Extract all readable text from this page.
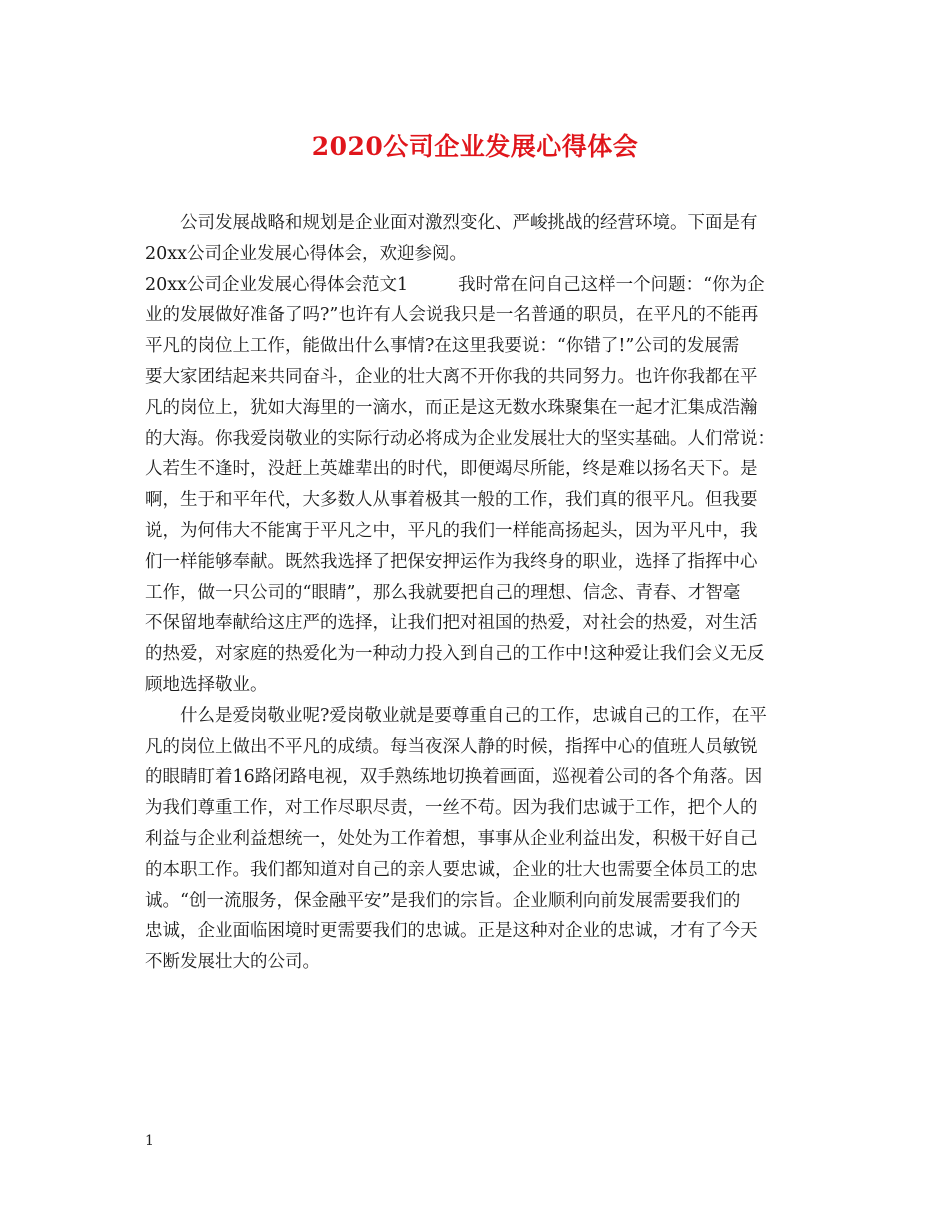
2020公司企业发展心得体会
公司发展战略和规划是企业面对激烈变化、严峻挑战的经营环境。下面是有
20xx公司企业发展心得体会，欢迎参阅。
20xx公司企业发展心得体会范文1	我时常在问自己这样一个问题：“你为企
业的发展做好准备了吗?”也许有人会说我只是一名普通的职员，在平凡的不能再
平凡的岗位上工作，能做出什么事情?在这里我要说：“你错了!”公司的发展需
要大家团结起来共同奋斗，企业的壮大离不开你我的共同努力。也许你我都在平
凡的岗位上，犹如大海里的一滴水，而正是这无数水珠聚集在一起才汇集成浩瀚
的大海。你我爱岗敬业的实际行动必将成为企业发展壮大的坚实基础。人们常说：
人若生不逢时，没赶上英雄辈出的时代，即便竭尽所能，终是难以扬名天下。是
啊，生于和平年代，大多数人从事着极其一般的工作，我们真的很平凡。但我要
说，为何伟大不能寓于平凡之中，平凡的我们一样能高扬起头，因为平凡中，我
们一样能够奉献。既然我选择了把保安押运作为我终身的职业，选择了指挥中心
工作，做一只公司的“眼睛”，那么我就要把自己的理想、信念、青春、才智毫
不保留地奉献给这庄严的选择，让我们把对祖国的热爱，对社会的热爱，对生活
的热爱，对家庭的热爱化为一种动力投入到自己的工作中!这种爱让我们会义无反
顾地选择敬业。
什么是爱岗敬业呢?爱岗敬业就是要尊重自己的工作，忠诚自己的工作，在平
凡的岗位上做出不平凡的成绩。每当夜深人静的时候，指挥中心的值班人员敏锐
的眼睛盯着16路闭路电视，双手熟练地切换着画面，巡视着公司的各个角落。因
为我们尊重工作，对工作尽职尽责，一丝不苟。因为我们忠诚于工作，把个人的
利益与企业利益想统一，处处为工作着想，事事从企业利益出发，积极干好自己
的本职工作。我们都知道对自己的亲人要忠诚，企业的壮大也需要全体员工的忠
诚。“创一流服务，保金融平安”是我们的宗旨。企业顺利向前发展需要我们的
忠诚，企业面临困境时更需要我们的忠诚。正是这种对企业的忠诚，才有了今天
不断发展壮大的公司。
1
